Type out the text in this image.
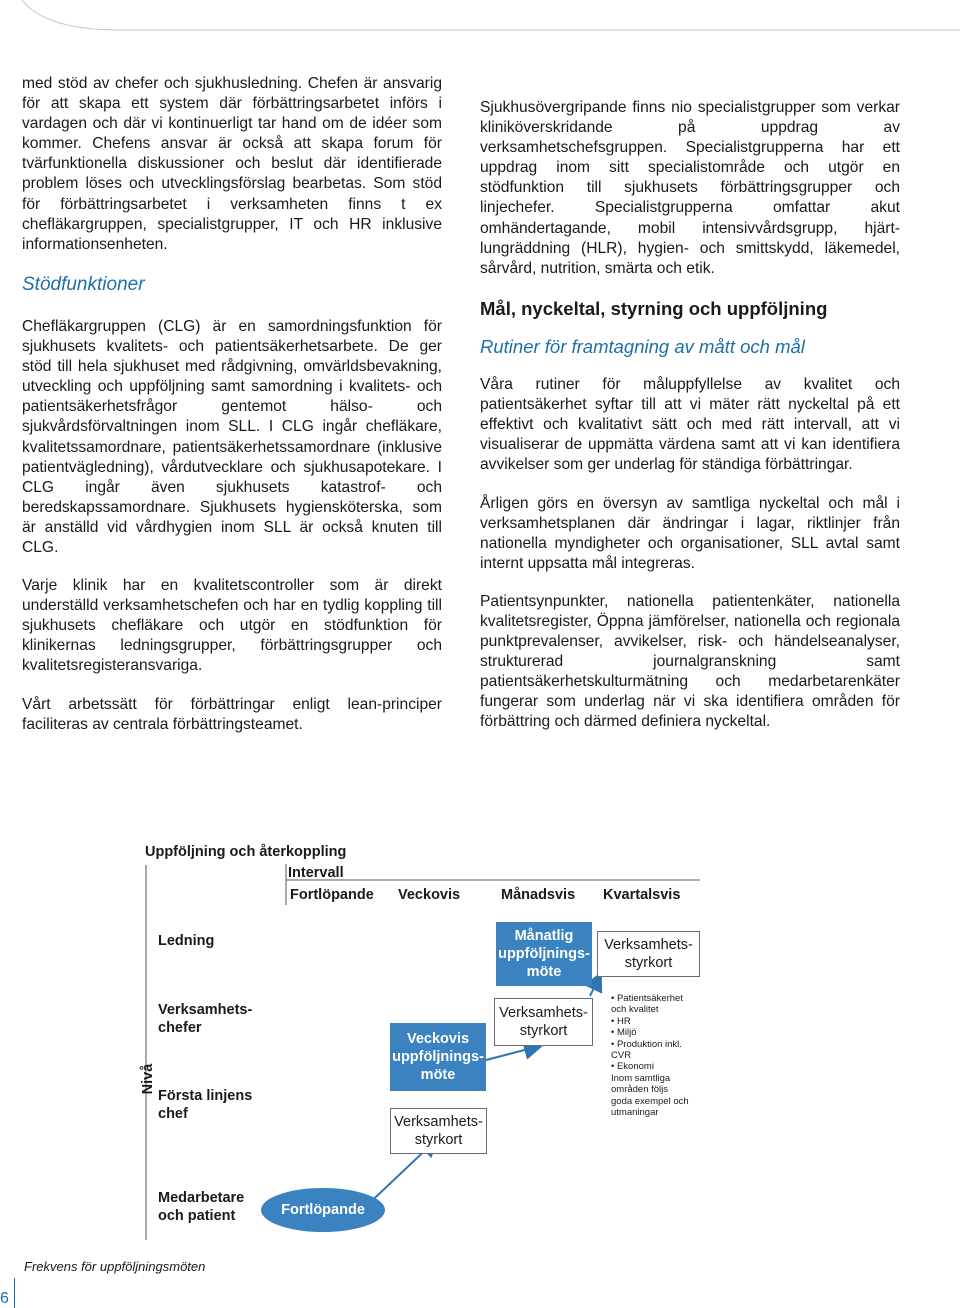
med stöd av chefer och sjukhusledning. Chefen är ansvarig för att skapa ett system där förbättringsarbetet införs i vardagen och där vi kontinuerligt tar hand om de idéer som kommer. Chefens ansvar är också att skapa forum för tvärfunktionella diskussioner och beslut där identifierade problem löses och utvecklingsförslag bearbetas. Som stöd för förbättringsarbetet i verksamheten finns t ex chefläkargruppen, specialistgrupper, IT och HR inklusive informationsenheten.

Stödfunktioner

Chefläkargruppen (CLG) är en samordningsfunktion för sjukhusets kvalitets- och patientsäkerhetsarbete. De ger stöd till hela sjukhuset med rådgivning, omvärldsbevakning, utveckling och uppföljning samt samordning i kvalitets- och patientsäkerhetsfrågor gentemot hälso- och sjukvårdsförvaltningen inom SLL. I CLG ingår chefläkare, kvalitetssamordnare, patientsäkerhetssamordnare (inklusive patientvägledning), vårdutvecklare och sjukhusapotekare. I CLG ingår även sjukhusets katastrof- och beredskapssamordnare. Sjukhusets hygiensköterska, som är anställd vid vårdhygien inom SLL är också knuten till CLG.

Varje klinik har en kvalitetscontroller som är direkt underställd verksamhetschefen och har en tydlig koppling till sjukhusets chefläkare och utgör en stödfunktion för klinikernas ledningsgrupper, förbättringsgrupper och kvalitetsregisteransvariga.

Vårt arbetssätt för förbättringar enligt lean-principer faciliteras av centrala förbättringsteamet.

Sjukhusövergripande finns nio specialistgrupper som verkar kliniköverskridande på uppdrag av verksamhetschefsgruppen. Specialistgrupperna har ett uppdrag inom sitt specialistområde och utgör en stödfunktion till sjukhusets förbättringsgrupper och linjechefer. Specialistgrupperna omfattar akut omhändertagande, mobil intensivvårdsgrupp, hjärt-lungräddning (HLR), hygien- och smittskydd, läkemedel, sårvård, nutrition, smärta och etik.

Mål, nyckeltal, styrning och uppföljning

Rutiner för framtagning av mått och mål

Våra rutiner för måluppfyllelse av kvalitet och patientsäkerhet syftar till att vi mäter rätt nyckeltal på ett effektivt och kvalitativt sätt och med rätt intervall, att vi visualiserar de uppmätta värdena samt att vi kan identifiera avvikelser som ger underlag för ständiga förbättringar.

Årligen görs en översyn av samtliga nyckeltal och mål i verksamhetsplanen där ändringar i lagar, riktlinjer från nationella myndigheter och organisationer, SLL avtal samt internt uppsatta mål integreras.

Patientsynpunkter, nationella patientenkäter, nationella kvalitetsregister, Öppna jämförelser, nationella och regionala punktprevalenser, avvikelser, risk- och händelseanalyser, strukturerad journalgranskning samt patientsäkerhetskulturmätning och medarbetarenkäter fungerar som underlag när vi ska identifiera områden för förbättring och därmed definiera nyckeltal.

Uppföljning och återkoppling
Intervall
Fortlöpande Veckovis	Månadsvis Kvartalsvis
Nivå
Ledning
Verksamhets-
chefer
Första linjens
chef
Medarbetare
och patient
Månatlig
uppföljnings-
möte
Verksamhets-
styrkort
Verksamhets-
styrkort
Veckovis
uppföljnings-
möte
Verksamhets-
styrkort
Fortlöpande
• Patientsäkerhet
och kvalitet
• HR
• Miljö
• Produktion inkl.
CVR
• Ekonomi
Inom samtliga
områden följs
goda exempel och
utmaningar
Frekvens för uppföljningsmöten
6
